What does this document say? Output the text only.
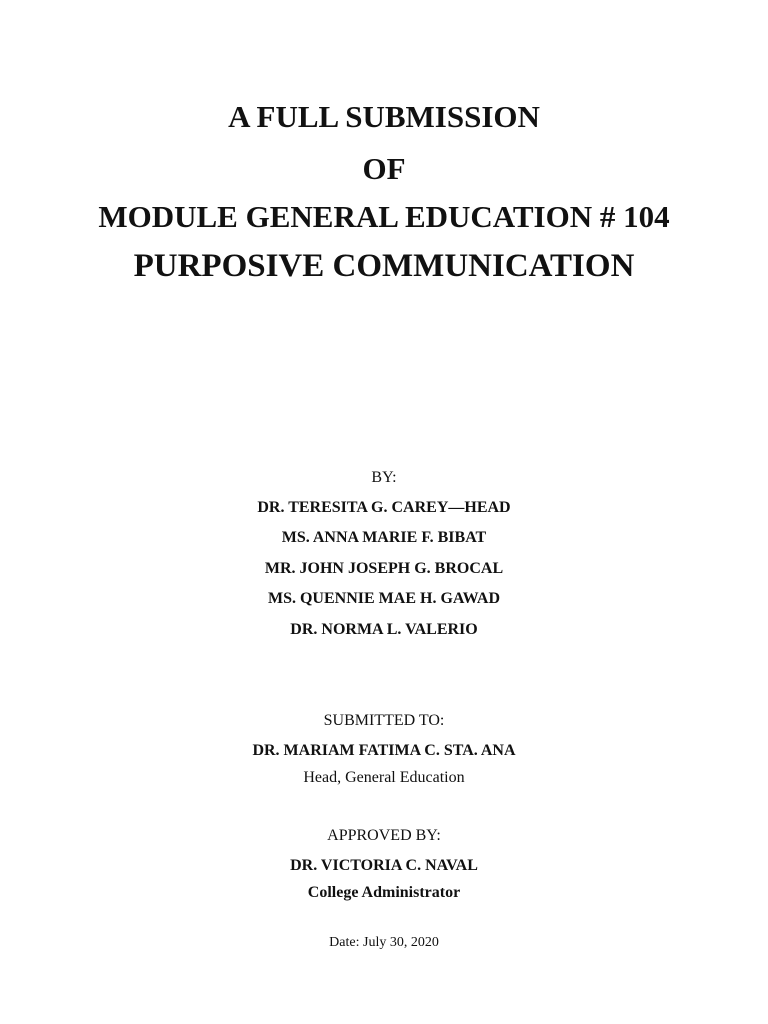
A FULL SUBMISSION
OF
MODULE GENERAL EDUCATION # 104
PURPOSIVE COMMUNICATION
BY:
DR. TERESITA G. CAREY—HEAD
MS. ANNA MARIE F. BIBAT
MR. JOHN JOSEPH G. BROCAL
MS. QUENNIE MAE H. GAWAD
DR. NORMA L. VALERIO
SUBMITTED TO:
DR. MARIAM FATIMA C. STA. ANA
Head, General Education
APPROVED BY:
DR. VICTORIA C. NAVAL
College Administrator
Date: July 30, 2020
